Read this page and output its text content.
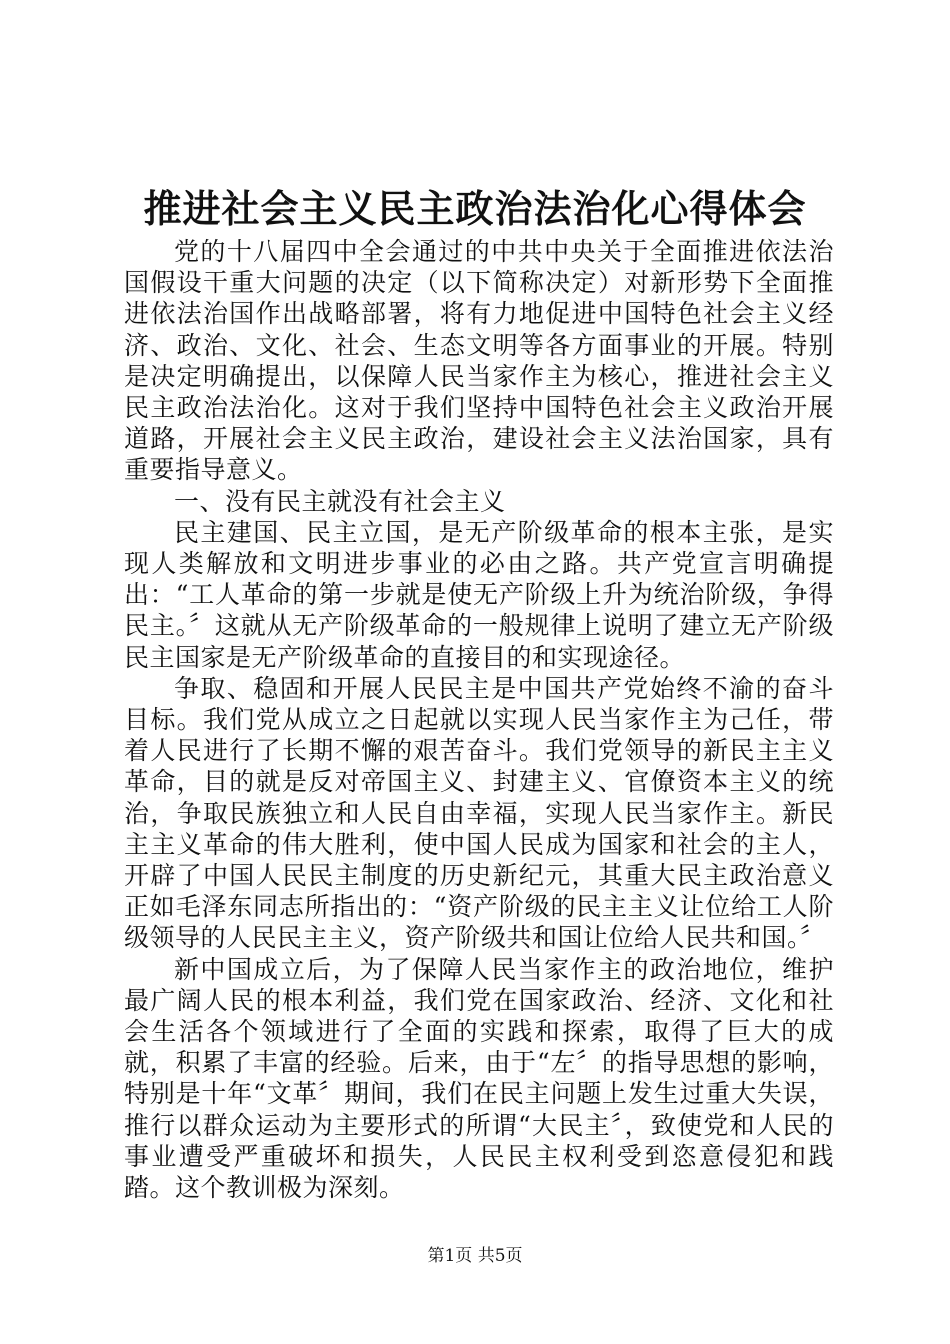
推进社会主义民主政治法治化心得体会

党的十八届四中全会通过的中共中央关于全面推进依法治国假设干重大问题的决定（以下简称决定）对新形势下全面推进依法治国作出战略部署，将有力地促进中国特色社会主义经济、政治、文化、社会、生态文明等各方面事业的开展。特别是决定明确提出，以保障人民当家作主为核心，推进社会主义民主政治法治化。这对于我们坚持中国特色社会主义政治开展道路，开展社会主义民主政治，建设社会主义法治国家，具有重要指导意义。

一、没有民主就没有社会主义

民主建国、民主立国，是无产阶级革命的根本主张，是实现人类解放和文明进步事业的必由之路。共产党宣言明确提出：“工人革命的第一步就是使无产阶级上升为统治阶级，争得民主。〞这就从无产阶级革命的一般规律上说明了建立无产阶级民主国家是无产阶级革命的直接目的和实现途径。

争取、稳固和开展人民民主是中国共产党始终不渝的奋斗目标。我们党从成立之日起就以实现人民当家作主为己任，带着人民进行了长期不懈的艰苦奋斗。我们党领导的新民主主义革命，目的就是反对帝国主义、封建主义、官僚资本主义的统治，争取民族独立和人民自由幸福，实现人民当家作主。新民主主义革命的伟大胜利，使中国人民成为国家和社会的主人，开辟了中国人民民主制度的历史新纪元，其重大民主政治意义正如毛泽东同志所指出的：“资产阶级的民主主义让位给工人阶级领导的人民民主主义，资产阶级共和国让位给人民共和国。〞

新中国成立后，为了保障人民当家作主的政治地位，维护最广阔人民的根本利益，我们党在国家政治、经济、文化和社会生活各个领域进行了全面的实践和探索，取得了巨大的成就，积累了丰富的经验。后来，由于“左〞的指导思想的影响，特别是十年“文革〞期间，我们在民主问题上发生过重大失误，推行以群众运动为主要形式的所谓“大民主〞，致使党和人民的事业遭受严重破坏和损失，人民民主权利受到恣意侵犯和践踏。这个教训极为深刻。

第1页 共5页
